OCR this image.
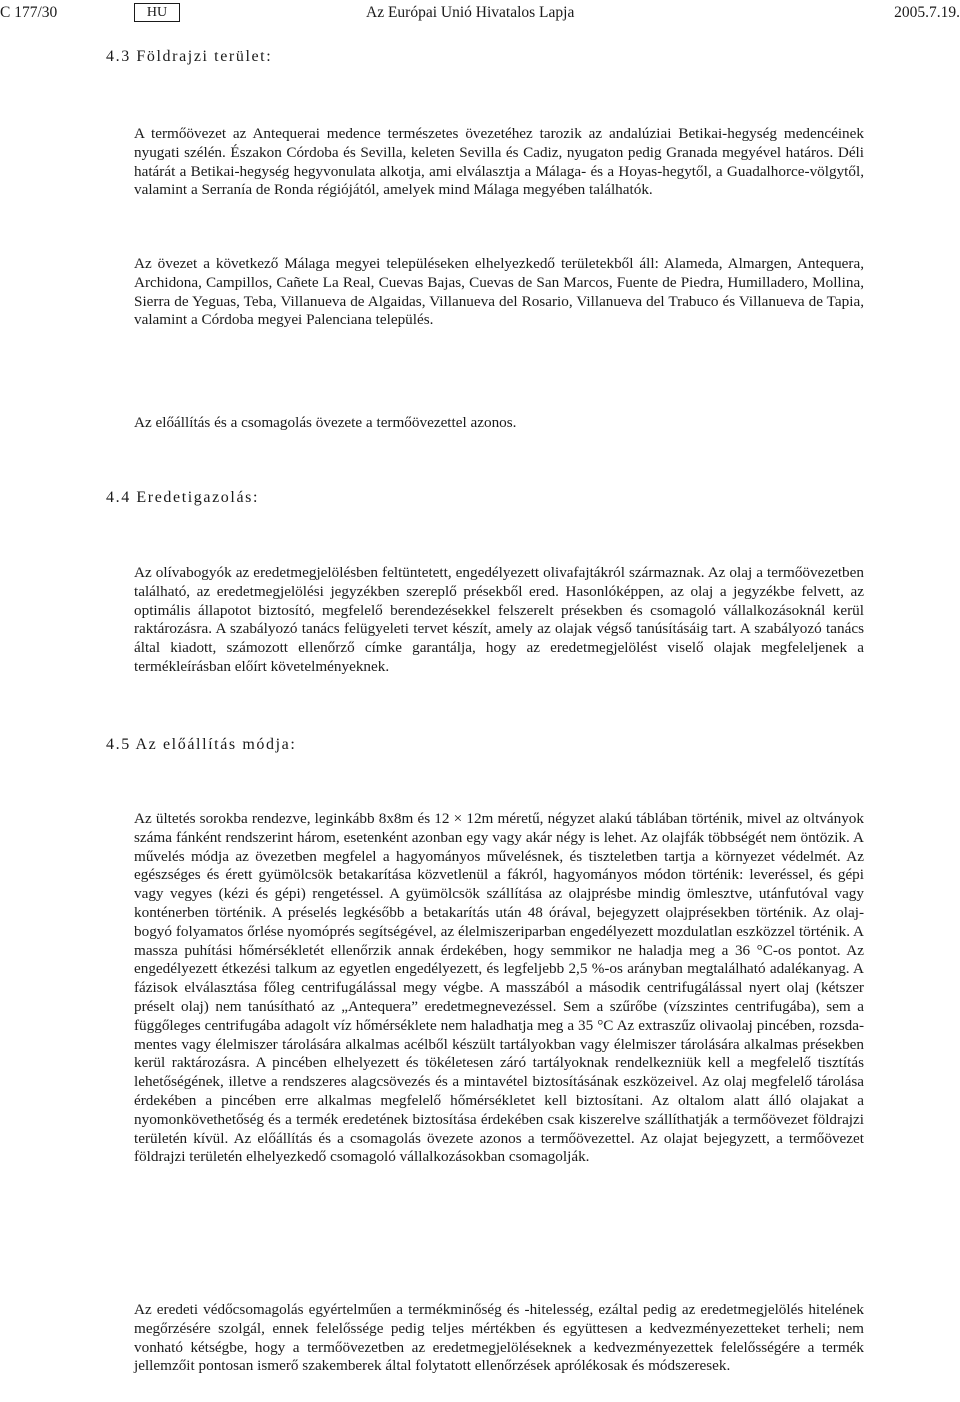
C 177/30	HU	Az Európai Unió Hivatalos Lapja	2005.7.19.
4.3 Földrajzi terület:

A termőövezet az Antequerai medence természetes övezetéhez tarozik az andalúziai Betikai-hegység medencéinek nyugati szélén. Északon Córdoba és Sevilla, keleten Sevilla és Cadiz, nyugaton pedig Granada megyével határos. Déli határát a Betikai-hegység hegyvonulata alkotja, ami elválasztja a Málaga- és a Hoyas-hegytől, a Guadalhorce-völgytől, valamint a Serranía de Ronda régiójától, amelyek mind Málaga megyében találhatók.

Az övezet a következő Málaga megyei településeken elhelyezkedő területekből áll: Alameda, Almargen, Antequera, Archidona, Campillos, Cañete La Real, Cuevas Bajas, Cuevas de San Marcos, Fuente de Piedra, Humilladero, Mollina, Sierra de Yeguas, Teba, Villanueva de Algaidas, Villanueva del Rosario, Villanueva del Trabuco és Villanueva de Tapia, valamint a Córdoba megyei Palenciana település.

Az előállítás és a csomagolás övezete a termőövezettel azonos.

4.4 Eredetigazolás:

Az olívabogyók az eredetmegjelölésben feltüntetett, engedélyezett olivafajtákról származnak. Az olaj a termőövezetben található, az eredetmegjelölési jegyzékben szereplő présekből ered. Hasonlóképpen, az olaj a jegyzékbe felvett, az optimális állapotot biztosító, megfelelő berendezésekkel felszerelt présekben és csomagoló vállalkozásoknál kerül raktározásra. A szabályozó tanács felügyeleti tervet készít, amely az olajak végső tanúsításáig tart. A szabályozó tanács által kiadott, számozott ellenőrző címke garantálja, hogy az eredetmegjelölést viselő olajak megfeleljenek a termékleírásban előírt követelményeknek.

4.5 Az előállítás módja:

Az ültetés sorokba rendezve, leginkább 8x8m és 12 × 12m méretű, négyzet alakú táblában történik, mivel az oltványok száma fánként rendszerint három, esetenként azonban egy vagy akár négy is lehet. Az olajfák többségét nem öntözik. A művelés módja az övezetben megfelel a hagyományos művelésnek, és tiszteletben tartja a környezet védelmét. Az egészséges és érett gyümölcsök betakarítása közvetlenül a fákról, hagyományos módon történik: leveréssel, és gépi vagy vegyes (kézi és gépi) rengetéssel. A gyümölcsök szállítása az olajprésbe mindig ömlesztve, utánfutóval vagy konténerben történik. A préselés legkésőbb a betakarítás után 48 órával, bejegyzett olajprésekben történik. Az olajbogyó folyamatos őrlése nyomóprés segítségével, az élelmiszeriparban engedélyezett mozdulatlan eszközzel történik. A massza puhítási hőmérsékletét ellenőrzik annak érdekében, hogy semmikor ne haladja meg a 36 °C-os pontot. Az engedélyezett étkezési talkum az egyetlen engedélyezett, és legfeljebb 2,5 %-os arányban megtalálható adalékanyag. A fázisok elválasztása főleg centrifugálással megy végbe. A masszából a második centrifugálással nyert olaj (kétszer préselt olaj) nem tanúsítható az „Antequera” eredetmegnevezéssel. Sem a szűrőbe (vízszintes centrifugába), sem a függőleges centrifugába adagolt víz hőmérséklete nem haladhatja meg a 35 °C Az extraszűz olivaolaj pincében, rozsdamentes vagy élelmiszer tárolására alkalmas acélből készült tartályokban vagy élelmiszer tárolására alkalmas présekben kerül raktározásra. A pincében elhelyezett és tökéletesen záró tartályoknak rendelkezniük kell a megfelelő tisztítás lehetőségének, illetve a rendszeres alagcsövezés és a mintavétel biztosításának eszközeivel. Az olaj megfelelő tárolása érdekében a pincében erre alkalmas megfelelő hőmérsékletet kell biztosítani. Az oltalom alatt álló olajakat a nyomonkövethetőség és a termék eredetének biztosítása érdekében csak kiszerelve szállíthatják a termőövezet földrajzi területén kívül. Az előállítás és a csomagolás övezete azonos a termőövezettel. Az olajat bejegyzett, a termőövezet földrajzi területén elhelyezkedő csomagoló vállalkozásokban csomagolják.

Az eredeti védőcsomagolás egyértelműen a termékminőség és -hitelesség, ezáltal pedig az eredetmegjelölés hitelének megőrzésére szolgál, ennek felelőssége pedig teljes mértékben és együttesen a kedvezményezetteket terheli; nem vonható kétségbe, hogy a termőövezetben az eredetmegjelöléseknek a kedvezményezettek felelősségére a termék jellemzőit pontosan ismerő szakemberek által folytatott ellenőrzések aprólékosak és módszeresek.
